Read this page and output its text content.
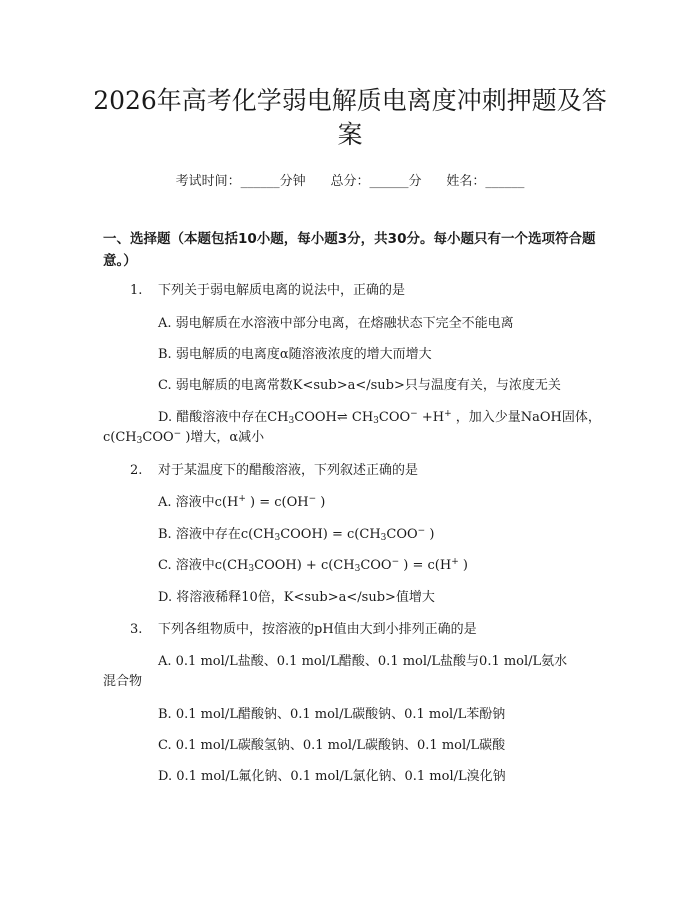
2026年高考化学弱电解质电离度冲刺押题及答案
考试时间：______分钟 总分：______分 姓名：______
一、选择题（本题包括10小题，每小题3分，共30分。每小题只有一个选项符合题意。）
1. 下列关于弱电解质电离的说法中，正确的是
A. 弱电解质在水溶液中部分电离，在熔融状态下完全不能电离
B. 弱电解质的电离度α随溶液浓度的增大而增大
C. 弱电解质的电离常数K<sub>a</sub>只与温度有关，与浓度无关
D. 醋酸溶液中存在$CH_3COOH\rightleftharpoons$ $CH_3COO^- +H^+$ ，加入少量NaOH固体，
$c(CH_3COO^-$ )增大，α减小
2. 对于某温度下的醋酸溶液，下列叙述正确的是
A. 溶液中c(H+ ) = c(OH− )
B. 溶液中存在$c(CH_3COOH) = c(CH_3COO^-$ )
C. 溶液中$c(CH_3COOH) + c(CH_3COO^-$ ) = c(H+ )
D. 将溶液稀释10倍，K<sub>a</sub>值增大
3. 下列各组物质中，按溶液的pH值由大到小排列正确的是
A. 0.1 mol/L盐酸、0.1 mol/L醋酸、0.1 mol/L盐酸与0.1 mol/L氨水
混合物
B. 0.1 mol/L醋酸钠、0.1 mol/L碳酸钠、0.1 mol/L苯酚钠
C. 0.1 mol/L碳酸氢钠、0.1 mol/L碳酸钠、0.1 mol/L碳酸
D. 0.1 mol/L氟化钠、0.1 mol/L氯化钠、0.1 mol/L溴化钠
